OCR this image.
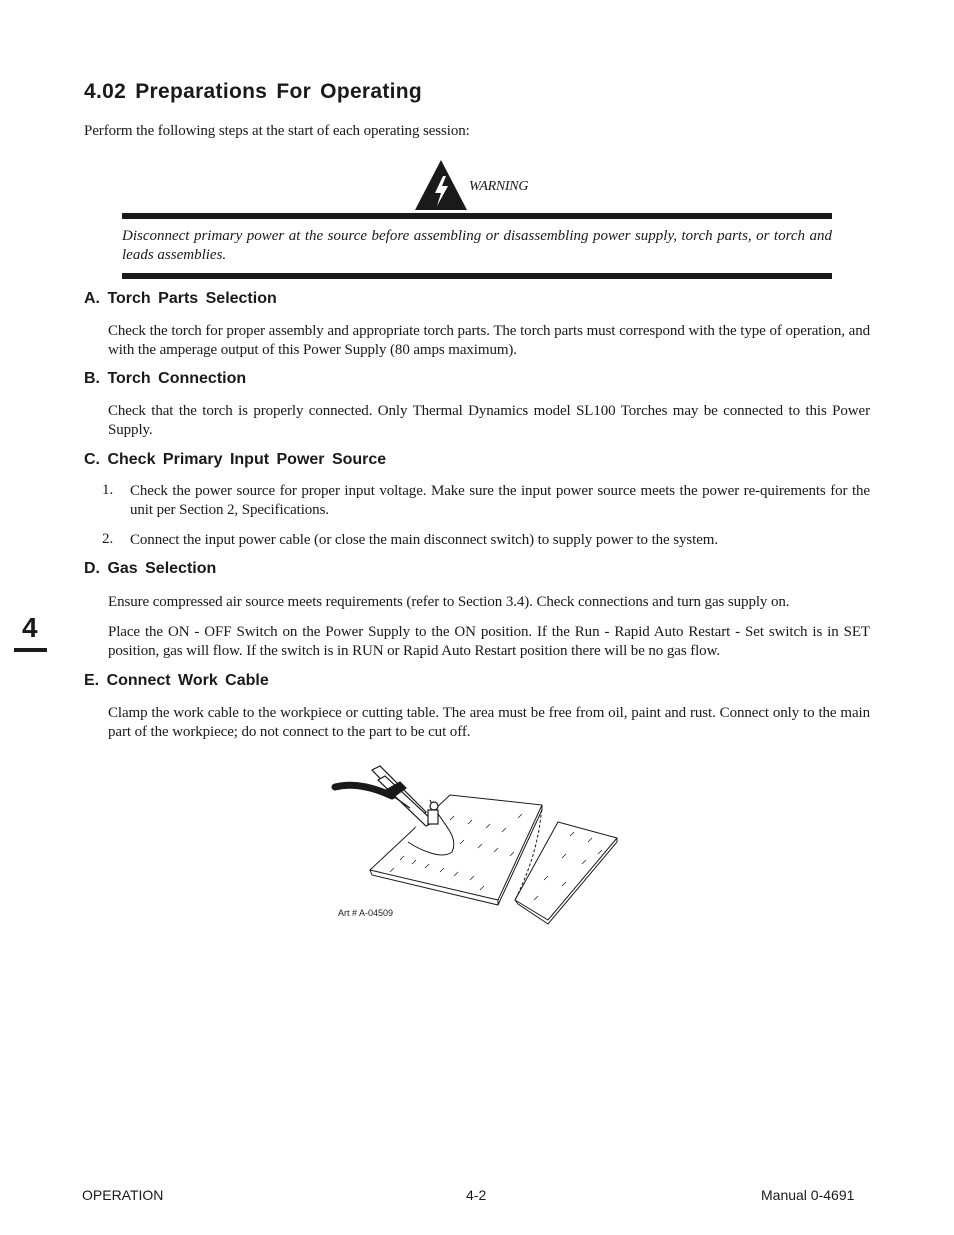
4.02 Preparations For Operating
Perform the following steps at the start of each operating session:
WARNING
Disconnect primary power at the source before assembling or disassembling power supply, torch parts, or torch and leads assemblies.
A. Torch Parts Selection
Check the torch for proper assembly and appropriate torch parts. The torch parts must correspond with the type of operation, and with the amperage output of this Power Supply (80 amps maximum).
B. Torch Connection
Check that the torch is properly connected. Only Thermal Dynamics model SL100 Torches may be connected to this Power Supply.
C. Check Primary Input Power Source
1. Check the power source for proper input voltage. Make sure the input power source meets the power re-quirements for the unit per Section 2, Specifications.
2. Connect the input power cable (or close the main disconnect switch) to supply power to the system.
D. Gas Selection
Ensure compressed air source meets requirements (refer to Section 3.4). Check connections and turn gas supply on.
Place the ON - OFF Switch on the Power Supply to the ON position. If the Run - Rapid Auto Restart - Set switch is in SET position, gas will flow. If the switch is in RUN or Rapid Auto Restart position there will be no gas flow.
4
E. Connect Work Cable
Clamp the work cable to the workpiece or cutting table. The area must be free from oil, paint and rust. Connect only to the main part of the workpiece; do not connect to the part to be cut off.
Art # A-04509
OPERATION	4-2	Manual 0-4691
